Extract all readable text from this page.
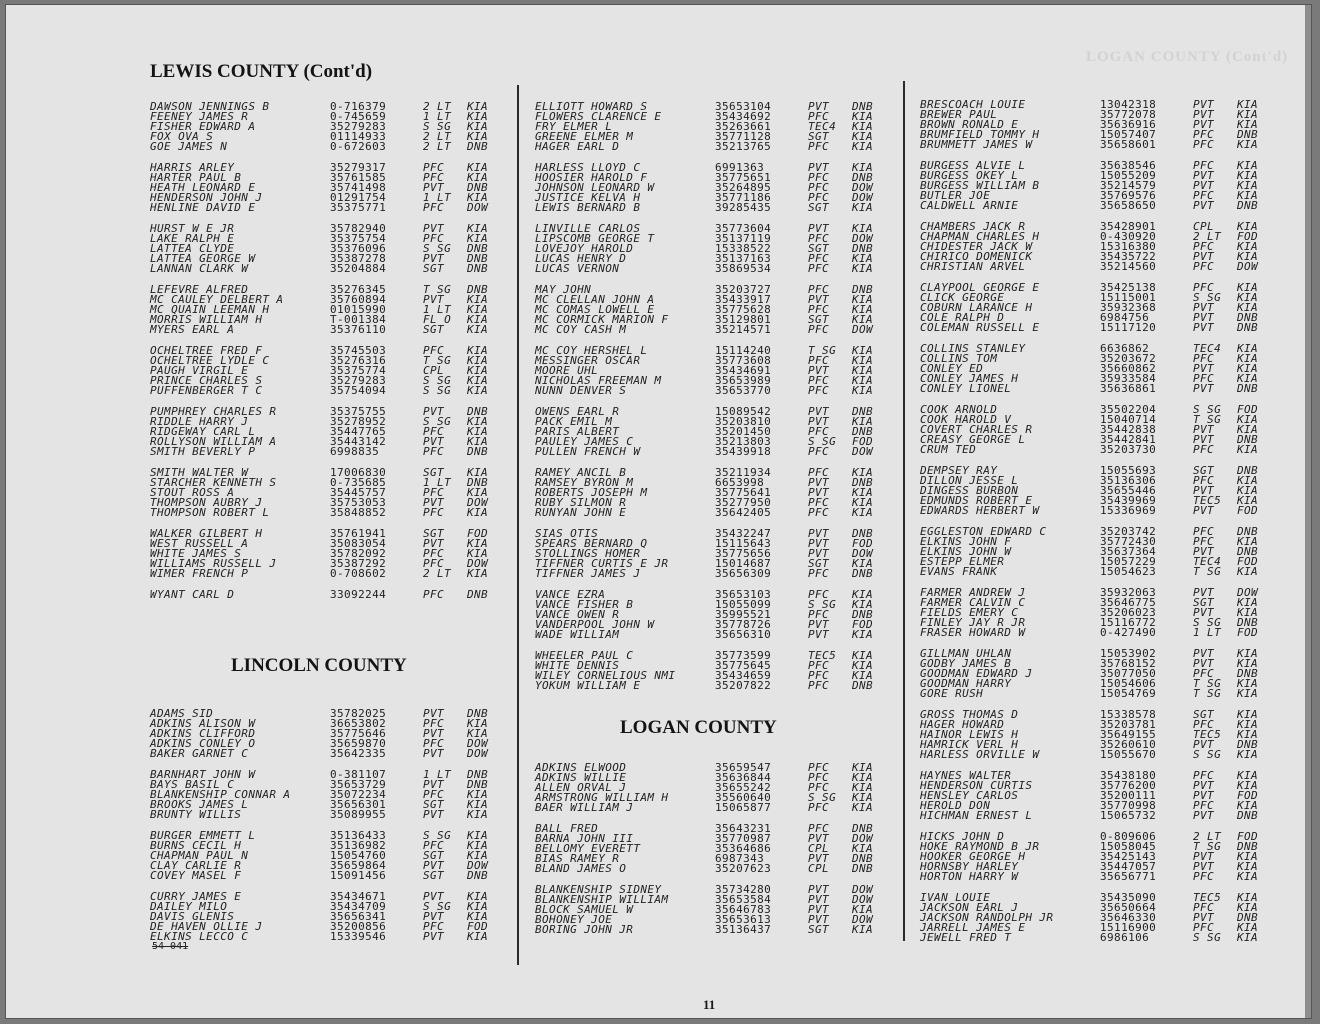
LOGAN COUNTY (Cont'd)
LEWIS COUNTY (Cont'd)
DAWSON JENNINGS B	0-716379	2 LT	KIA
FEENEY JAMES R	0-745659	1 LT	KIA
FISHER EDWARD A	35279283	S SG	KIA
FOX OVA S	01114933	2 LT	KIA
GOE JAMES N	0-672603	2 LT	DNB
HARRIS ARLEY	35279317	PFC	KIA
HARTER PAUL B	35761585	PFC	KIA
HEATH LEONARD E	35741498	PVT	DNB
HENDERSON JOHN J	01291754	1 LT	KIA
HENLINE DAVID E	35375771	PFC	DOW
HURST W E JR	35782940	PVT	KIA
LAKE RALPH E	35375754	PFC	KIA
LATTEA CLYDE	35376096	S SG	DNB
LATTEA GEORGE W	35387278	PVT	DNB
LANNAN CLARK W	35204884	SGT	DNB
LEFEVRE ALFRED	35276345	T SG	DNB
MC CAULEY DELBERT A	35760894	PVT	KIA
MC QUAIN LEEMAN H	01015990	1 LT	KIA
MORRIS WILLIAM H	T-001384	FL O	KIA
MYERS EARL A	35376110	SGT	KIA
OCHELTREE FRED F	35745503	PFC	KIA
OCHELTREE LYDLE C	35276316	T SG	KIA
PAUGH VIRGIL E	35375774	CPL	KIA
PRINCE CHARLES S	35279283	S SG	KIA
PUFFENBERGER T C	35754094	S SG	KIA
PUMPHREY CHARLES R	35375755	PVT	DNB
RIDDLE HARRY J	35278952	S SG	KIA
RIDGEWAY CARL L	35447765	PFC	KIA
ROLLYSON WILLIAM A	35443142	PVT	KIA
SMITH BEVERLY P	6998835	PFC	DNB
SMITH WALTER W	17006830	SGT	KIA
STARCHER KENNETH S	0-735685	1 LT	DNB
STOUT ROSS A	35445757	PFC	KIA
THOMPSON AUBRY J	35753053	PVT	DOW
THOMPSON ROBERT L	35848852	PFC	KIA
WALKER GILBERT H	35761941	SGT	FOD
WEST RUSSELL A	35083054	PVT	KIA
WHITE JAMES S	35782092	PFC	KIA
WILLIAMS RUSSELL J	35387292	PFC	DOW
WIMER FRENCH P	0-708602	2 LT	KIA
WYANT CARL D	33092244	PFC	DNB
LINCOLN COUNTY
ADAMS SID	35782025	PVT	DNB
ADKINS ALISON W	36653802	PFC	KIA
ADKINS CLIFFORD	35775646	PVT	KIA
ADKINS CONLEY O	35659870	PFC	DOW
BAKER GARNET C	35642335	PVT	DOW
BARNHART JOHN W	0-381107	1 LT	DNB
BAYS BASIL C	35653729	PVT	DNB
BLANKENSHIP CONNAR A	35072234	PFC	KIA
BROOKS JAMES L	35656301	SGT	KIA
BRUNTY WILLIS	35089955	PVT	KIA
BURGER EMMETT L	35136433	S SG	KIA
BURNS CECIL H	35136982	PFC	KIA
CHAPMAN PAUL N	15054760	SGT	KIA
CLAY CARLIE R	35659864	PVT	DOW
COVEY MASEL F	15091456	SGT	DNB
CURRY JAMES E	35434671	PVT	KIA
DAILEY MILO	35434709	S SG	KIA
DAVIS GLENIS	35656341	PVT	KIA
DE HAVEN OLLIE J	35200856	PFC	FOD
ELKINS LECCO C	15339546	PVT	KIA
ELLIOTT HOWARD S	35653104	PVT	DNB
FLOWERS CLARENCE E	35434692	PFC	KIA
FRY ELMER L	35263661	TEC4	KIA
GREENE ELMER M	35771128	SGT	KIA
HAGER EARL D	35213765	PFC	KIA
HARLESS LLOYD C	6991363	PVT	KIA
HOOSIER HAROLD F	35775651	PFC	DNB
JOHNSON LEONARD W	35264895	PFC	DOW
JUSTICE KELVA H	35771186	PFC	DOW
LEWIS BERNARD B	39285435	SGT	KIA
LINVILLE CARLOS	35773604	PVT	KIA
LIPSCOMB GEORGE T	35137119	PFC	DOW
LOVEJOY HAROLD	15338522	SGT	DNB
LUCAS HENRY D	35137163	PFC	KIA
LUCAS VERNON	35869534	PFC	KIA
MAY JOHN	35203727	PFC	DNB
MC CLELLAN JOHN A	35433917	PVT	KIA
MC COMAS LOWELL E	35775628	PFC	KIA
MC CORMICK MARION F	35129801	SGT	KIA
MC COY CASH M	35214571	PFC	DOW
MC COY HERSHEL L	15114240	T SG	KIA
MESSINGER OSCAR	35773608	PFC	KIA
MOORE UHL	35434691	PVT	KIA
NICHOLAS FREEMAN M	35653989	PFC	KIA
NUNN DENVER S	35653770	PFC	KIA
OWENS EARL R	15089542	PVT	DNB
PACK EMIL M	35203810	PVT	KIA
PARIS ALBERT	35201450	PFC	DNB
PAULEY JAMES C	35213803	S SG	FOD
PULLEN FRENCH W	35439918	PFC	DOW
RAMEY ANCIL B	35211934	PFC	KIA
RAMSEY BYRON M	6653998	PVT	DNB
ROBERTS JOSEPH M	35775641	PVT	KIA
RUBY SILMON R	35277950	PFC	KIA
RUNYAN JOHN E	35642405	PFC	KIA
SIAS OTIS	35432247	PVT	DNB
SPEARS BERNARD Q	15115643	PVT	FOD
STOLLINGS HOMER	35775656	PVT	DOW
TIFFNER CURTIS E JR	15014687	SGT	KIA
TIFFNER JAMES J	35656309	PFC	DNB
VANCE EZRA	35653103	PFC	KIA
VANCE FISHER B	15055099	S SG	KIA
VANCE OWEN R	35995521	PFC	DNB
VANDERPOOL JOHN W	35778726	PVT	FOD
WADE WILLIAM	35656310	PVT	KIA
WHEELER PAUL C	35773599	TEC5	KIA
WHITE DENNIS	35775645	PFC	KIA
WILEY CORNELIOUS NMI	35434659	PFC	KIA
YOKUM WILLIAM E	35207822	PFC	DNB
LOGAN COUNTY
ADKINS ELWOOD	35659547	PFC	KIA
ADKINS WILLIE	35636844	PFC	KIA
ALLEN ORVAL J	35655242	PFC	KIA
ARMSTRONG WILLIAM H	35560640	S SG	KIA
BAER WILLIAM J	15065877	PFC	KIA
BALL FRED	35643231	PFC	DNB
BARNA JOHN III	35770987	PVT	DOW
BELLOMY EVERETT	35364686	CPL	KIA
BIAS RAMEY R	6987343	PVT	DNB
BLAND JAMES O	35207623	CPL	DNB
BLANKENSHIP SIDNEY	35734280	PVT	DOW
BLANKENSHIP WILLIAM	35653584	PVT	DOW
BLOCK SAMUEL W	35646783	PVT	KIA
BOHONEY JOE	35653613	PVT	DOW
BORING JOHN JR	35136437	SGT	KIA
BRESCOACH LOUIE	13042318	PVT	KIA
BREWER PAUL	35772078	PVT	KIA
BROWN RONALD E	35636916	PVT	KIA
BRUMFIELD TOMMY H	15057407	PFC	DNB
BRUMMETT JAMES W	35658601	PFC	KIA
BURGESS ALVIE L	35638546	PFC	KIA
BURGESS OKEY L	15055209	PVT	KIA
BURGESS WILLIAM B	35214579	PVT	KIA
BUTLER JOE	35769576	PFC	KIA
CALDWELL ARNIE	35658650	PVT	DNB
CHAMBERS JACK R	35428901	CPL	KIA
CHAPMAN CHARLES H	0-430920	2 LT	FOD
CHIDESTER JACK W	15316380	PFC	KIA
CHIRICO DOMENICK	35435722	PVT	KIA
CHRISTIAN ARVEL	35214560	PFC	DOW
CLAYPOOL GEORGE E	35425138	PFC	KIA
CLICK GEORGE	15115001	S SG	KIA
COBURN LARANCE H	35932368	PVT	KIA
COLE RALPH D	6984756	PVT	DNB
COLEMAN RUSSELL E	15117120	PVT	DNB
COLLINS STANLEY	6636862	TEC4	KIA
COLLINS TOM	35203672	PFC	KIA
CONLEY ED	35660862	PVT	KIA
CONLEY JAMES H	35933584	PFC	KIA
CONLEY LIONEL	35636861	PVT	DNB
COOK ARNOLD	35502204	S SG	FOD
COOK HAROLD V	15040714	T SG	KIA
COVERT CHARLES R	35442838	PVT	KIA
CREASY GEORGE L	35442841	PVT	DNB
CRUM TED	35203730	PFC	KIA
DEMPSEY RAY	15055693	SGT	DNB
DILLON JESSE L	35136306	PFC	KIA
DINGESS BURBON	35655446	PVT	KIA
EDMUNDS ROBERT E	35439969	TEC5	KIA
EDWARDS HERBERT W	15336969	PVT	FOD
EGGLESTON EDWARD C	35203742	PFC	DNB
ELKINS JOHN F	35772430	PFC	KIA
ELKINS JOHN W	35637364	PVT	DNB
ESTEPP ELMER	15057229	TEC4	FOD
EVANS FRANK	15054623	T SG	KIA
FARMER ANDREW J	35932063	PVT	DOW
FARMER CALVIN C	35646775	SGT	KIA
FIELDS EMERY C	35206023	PVT	KIA
FINLEY JAY R JR	15116772	S SG	DNB
FRASER HOWARD W	0-427490	1 LT	FOD
GILLMAN UHLAN	15053902	PVT	KIA
GODBY JAMES B	35768152	PVT	KIA
GOODMAN EDWARD J	35077050	PFC	DNB
GOODMAN HARRY	15054606	T SG	KIA
GORE RUSH	15054769	T SG	KIA
GROSS THOMAS D	15338578	SGT	KIA
HAGER HOWARD	35203781	PFC	KIA
HAINOR LEWIS H	35649155	TEC5	KIA
HAMRICK VERL H	35260610	PVT	DNB
HARLESS ORVILLE W	15055670	S SG	KIA
HAYNES WALTER	35438180	PFC	KIA
HENDERSON CURTIS	35776200	PVT	KIA
HENSLEY CARLOS	35200111	PVT	FOD
HEROLD DON	35770998	PFC	KIA
HICHMAN ERNEST L	15065732	PVT	DNB
HICKS JOHN D	0-809606	2 LT	FOD
HOKE RAYMOND B JR	15058045	T SG	DNB
HOOKER GEORGE H	35425143	PVT	KIA
HORNSBY HARLEY	35447057	PVT	KIA
HORTON HARRY W	35656771	PFC	KIA
IVAN LOUIE	35435090	TEC5	KIA
JACKSON EARL J	35650664	PFC	KIA
JACKSON RANDOLPH JR	35646330	PVT	DNB
JARRELL JAMES E	15116900	PFC	KIA
JEWELL FRED T	6986106	S SG	KIA
54 041
11
